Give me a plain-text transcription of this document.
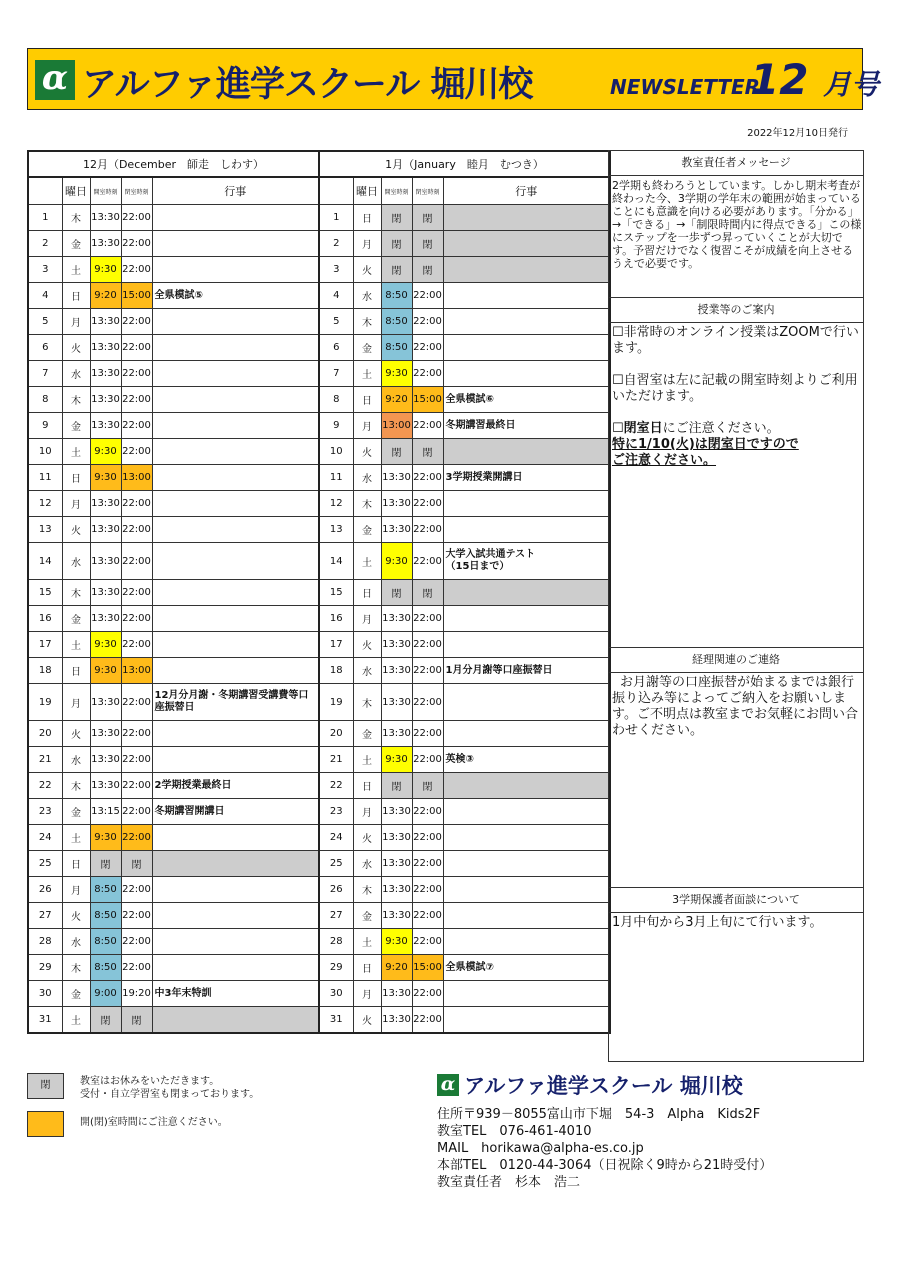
α アルファ進学スクール 堀川校	NEWSLETTER
12 月号
2022年12月10日発行
12月（December　師走　しわす）				
	曜日	開室時刻	閉室時刻	行事
1	木	13:30	22:00	
2	金	13:30	22:00	
3	土	9:30	22:00	
4	日	9:20	15:00	全県模試⑤
5	月	13:30	22:00	
6	火	13:30	22:00	
7	水	13:30	22:00	
8	木	13:30	22:00	
9	金	13:30	22:00	
10	土	9:30	22:00	
11	日	9:30	13:00	
12	月	13:30	22:00	
13	火	13:30	22:00	
14	水	13:30	22:00	
15	木	13:30	22:00	
16	金	13:30	22:00	
17	土	9:30	22:00	
18	日	9:30	13:00	
19	月	13:30	22:00	12月分月謝・冬期講習受講費等口座振替日
20	火	13:30	22:00	
21	水	13:30	22:00	
22	木	13:30	22:00	2学期授業最終日
23	金	13:15	22:00	冬期講習開講日
24	土	9:30	22:00	
25	日	閉	閉	
26	月	8:50	22:00	
27	火	8:50	22:00	
28	水	8:50	22:00	
29	木	8:50	22:00	
30	金	9:00	19:20	中3年末特訓
31	土	閉	閉	
1月（January　睦月　むつき）				
	曜日	開室時刻	閉室時刻	行事
1	日	閉	閉	
2	月	閉	閉	
3	火	閉	閉	
4	水	8:50	22:00	
5	木	8:50	22:00	
6	金	8:50	22:00	
7	土	9:30	22:00	
8	日	9:20	15:00	全県模試⑥
9	月	13:00	22:00	冬期講習最終日
10	火	閉	閉	
11	水	13:30	22:00	3学期授業開講日
12	木	13:30	22:00	
13	金	13:30	22:00	
14	土	9:30	22:00	大学入試共通テスト
（15日まで）

15	日	閉	閉	
16	月	13:30	22:00	
17	火	13:30	22:00	
18	水	13:30	22:00	1月分月謝等口座振替日
19	木	13:30	22:00	
20	金	13:30	22:00	
21	土	9:30	22:00	英検③
22	日	閉	閉	
23	月	13:30	22:00	
24	火	13:30	22:00	
25	水	13:30	22:00	
26	木	13:30	22:00	
27	金	13:30	22:00	
28	土	9:30	22:00	
29	日	9:20	15:00	全県模試⑦
30	月	13:30	22:00	
31	火	13:30	22:00	
教室責任者メッセージ
2学期も終わろうとしています。しかし期末考査が終わった今、3学期の学年末の範囲が始まっていることにも意識を向ける必要があります。「分かる」→「できる」→「制限時間内に得点できる」この様にステップを一歩ずつ昇っていくことが大切です。予習だけでなく復習こそが成績を向上させるうえで必要です。
授業等のご案内
☐非常時のオンライン授業はZOOMで行います。
☐自習室は左に記載の開室時刻よりご利用いただけます。
☐閉室日にご注意ください。
特に1/10(火)は閉室日ですので
ご注意ください。
経理関連のご連絡
お月謝等の口座振替が始まるまでは銀行振り込み等によってご納入をお願いします。ご不明点は教室までお気軽にお問い合わせください。
3学期保護者面談について
1月中旬から3月上旬にて行います。
閉	教室はお休みをいただきます。
受付・自立学習室も閉まっております。
開(閉)室時間にご注意ください。
α アルファ進学スクール 堀川校
住所〒939－8055富山市下堀　54-3　Alpha　Kids2F
教室TEL　076-461-4010
MAIL　horikawa@alpha-es.co.jp
本部TEL　0120-44-3064（日祝除く9時から21時受付）
教室責任者　杉本　浩二
